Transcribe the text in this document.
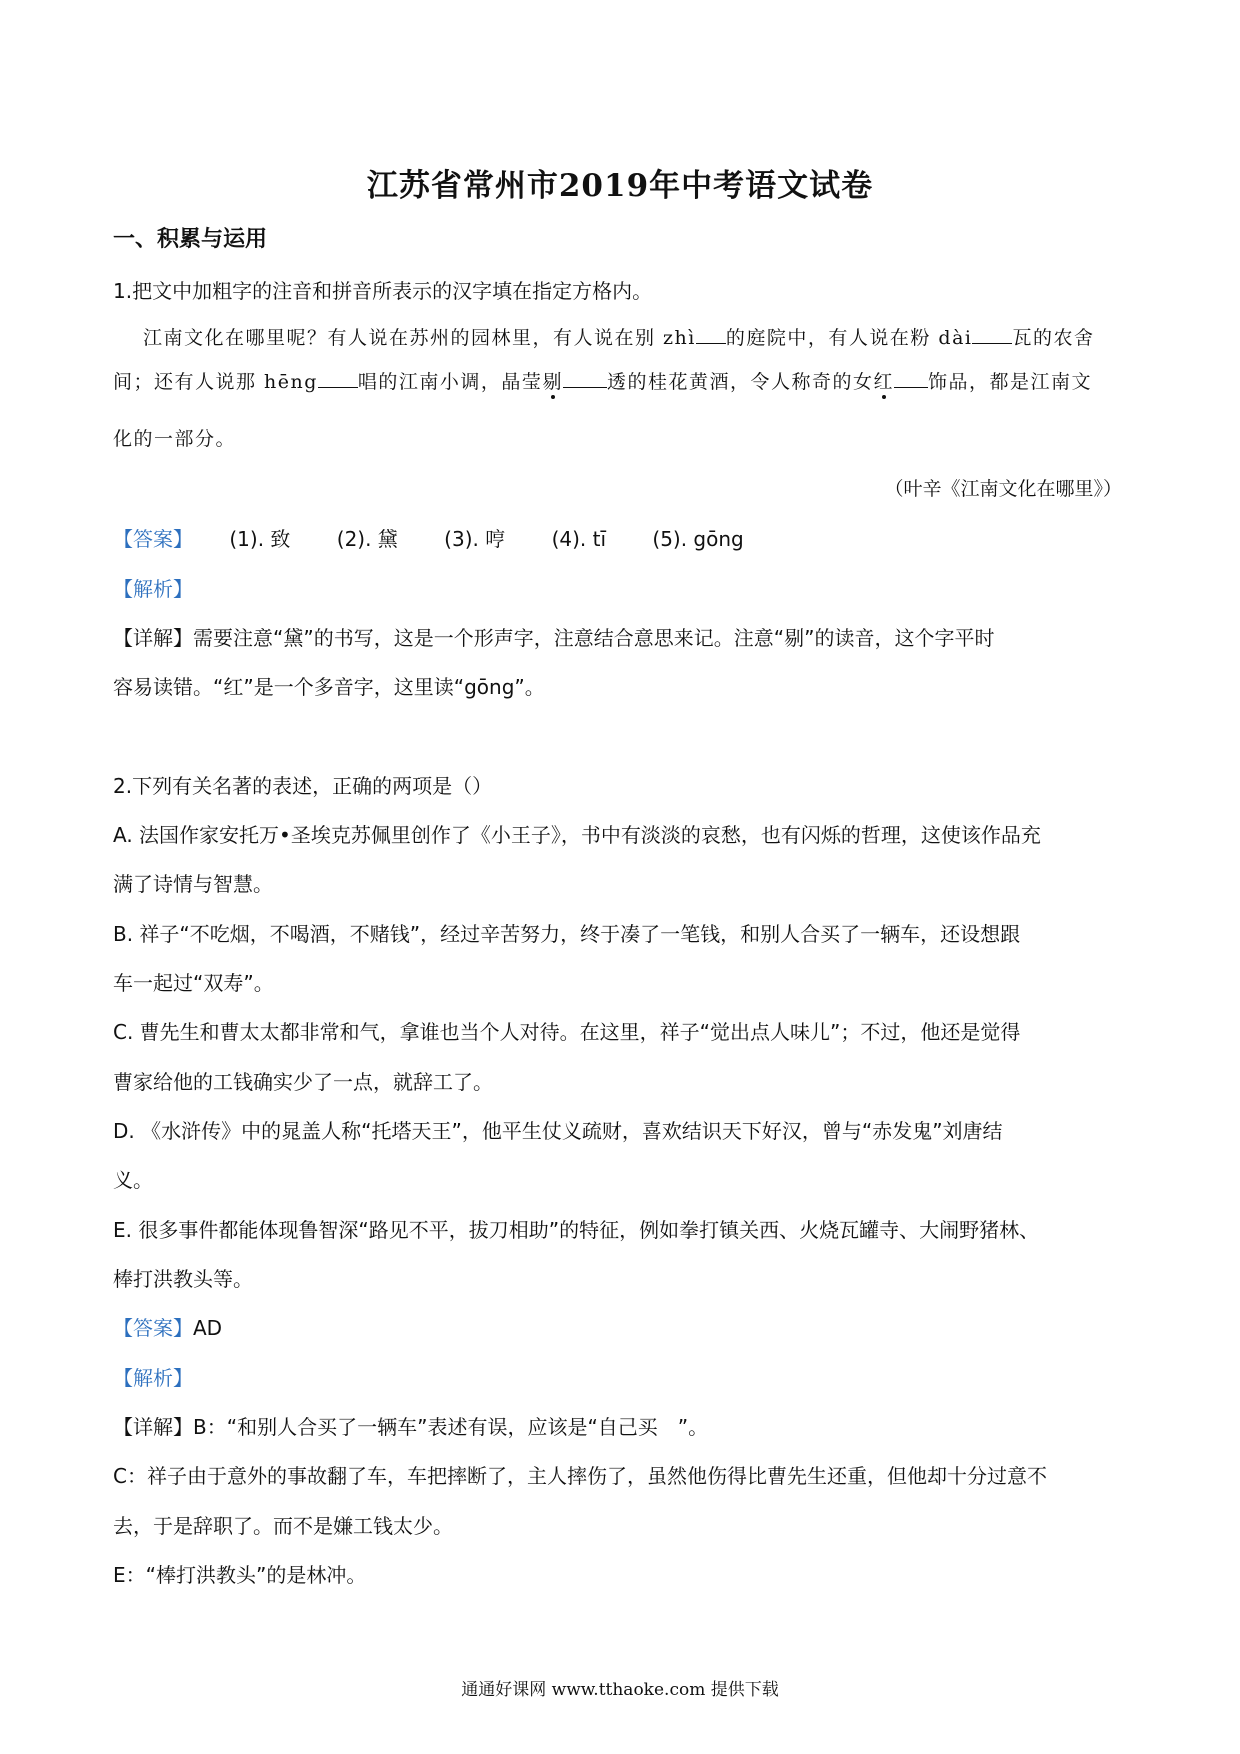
江苏省常州市2019年中考语文试卷
一、积累与运用
1.把文中加粗字的注音和拼音所表示的汉字填在指定方格内。
江南文化在哪里呢？有人说在苏州的园林里，有人说在别 zhì 的庭院中，有人说在粉 dài 瓦的农舍
间；还有人说那 hēng 唱的江南小调，晶莹剔 透的桂花黄酒，令人称奇的女红 饰品，都是江南文
化的一部分。
（叶辛《江南文化在哪里》）
【答案】 (1). 致 (2). 黛 (3). 哼 (4). tī (5). gōng
【解析】
【详解】需要注意“黛”的书写，这是一个形声字，注意结合意思来记。注意“剔”的读音，这个字平时
容易读错。“红”是一个多音字，这里读“gōng”。
2.下列有关名著的表述，正确的两项是（）
A. 法国作家安托万•圣埃克苏佩里创作了《小王子》，书中有淡淡的哀愁，也有闪烁的哲理，这使该作品充
满了诗情与智慧。
B. 祥子“不吃烟，不喝酒，不赌钱”，经过辛苦努力，终于凑了一笔钱，和别人合买了一辆车，还设想跟
车一起过“双寿”。
C. 曹先生和曹太太都非常和气，拿谁也当个人对待。在这里，祥子“觉出点人味儿”；不过，他还是觉得
曹家给他的工钱确实少了一点，就辞工了。
D. 《水浒传》中的晁盖人称“托塔天王”，他平生仗义疏财，喜欢结识天下好汉，曾与“赤发鬼”刘唐结
义。
E. 很多事件都能体现鲁智深“路见不平，拔刀相助”的特征，例如拳打镇关西、火烧瓦罐寺、大闹野猪林、
棒打洪教头等。
【答案】AD
【解析】
【详解】B：“和别人合买了一辆车”表述有误，应该是“自己买　”。
C：祥子由于意外的事故翻了车，车把摔断了，主人摔伤了，虽然他伤得比曹先生还重，但他却十分过意不
去，于是辞职了。而不是嫌工钱太少。
E：“棒打洪教头”的是林冲。
通通好课网 www.tthaoke.com 提供下载
